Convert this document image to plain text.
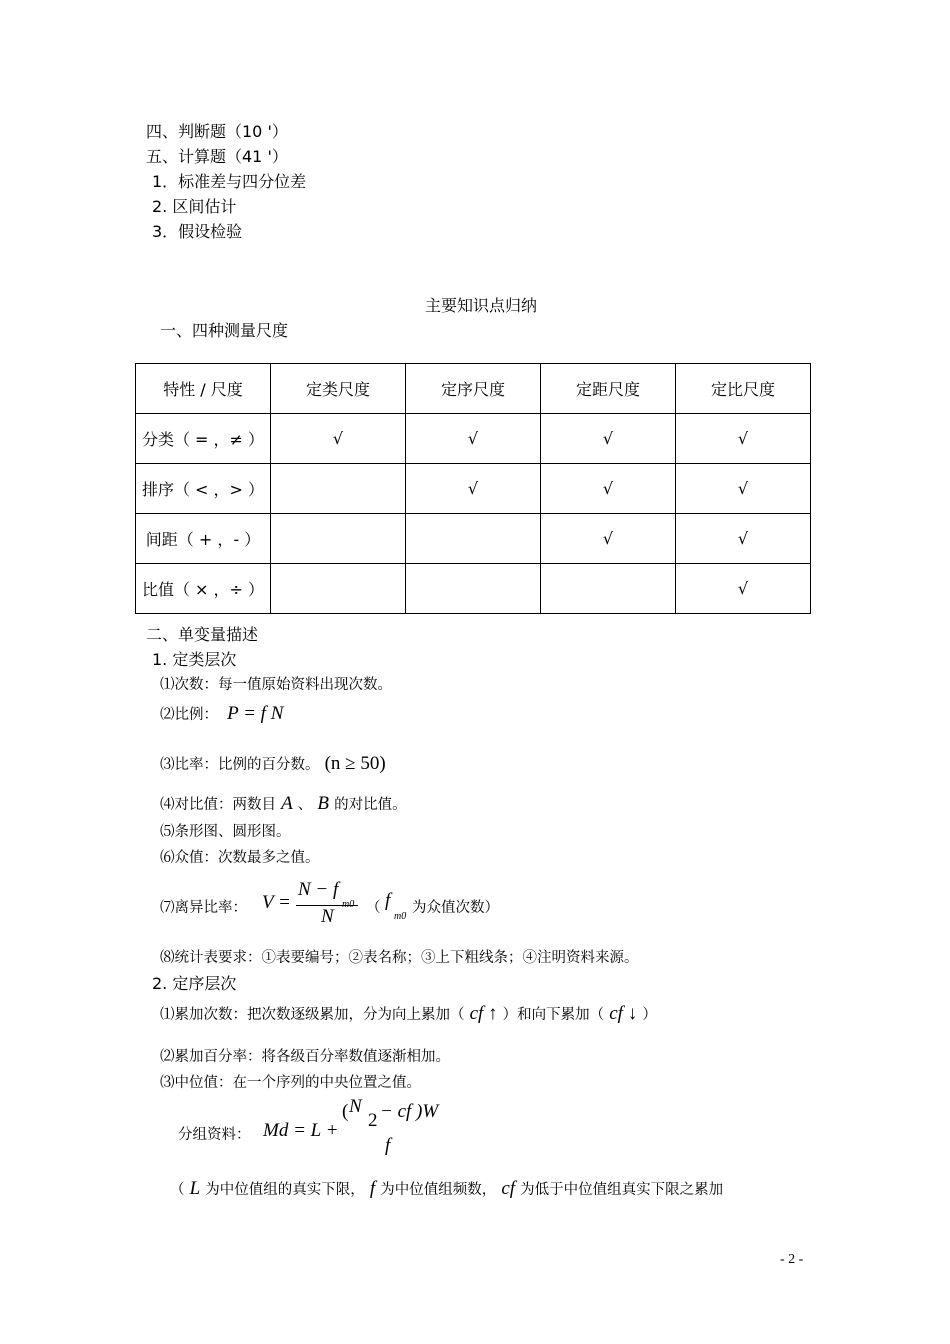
四、判断题（10 '）
五、计算题（41 '）
1．标准差与四分位差
2. 区间估计
3．假设检验
主要知识点归纳
一、四种测量尺度
特性 / 尺度	定类尺度	定序尺度	定距尺度	定比尺度
分类（ = ，≠ ）	√	√	√	√
排序（ < ，> ）		√	√	√
间距（ + ，- ）			√	√
比值（ × ，÷ ）				√
二、单变量描述
1. 定类层次
⑴次数：每一值原始资料出现次数。
⑵比例： P = f N
⑶比率：比例的百分数。 (n ≥ 50)
⑷对比值：两数目 A 、 B 的对比值。
⑸条形图、圆形图。
⑹众值：次数最多之值。
⑺离异比率： V =
N − f
m0
N （ f
m0
为众值次数）
⑻统计表要求：①表要编号；②表名称；③上下粗线条；④注明资料来源。
2. 定序层次
⑴累加次数：把次数逐级累加，分为向上累加（ cf ↑ ）和向下累加（ cf ↓ ）
⑵累加百分率：将各级百分率数值逐渐相加。
⑶中位值：在一个序列的中央位置之值。
分组资料： Md = L +
( N
2 − cf )W
f
（ L 为中位值组的真实下限， f 为中位值组频数， cf 为低于中位值组真实下限之累加
- 2 -
